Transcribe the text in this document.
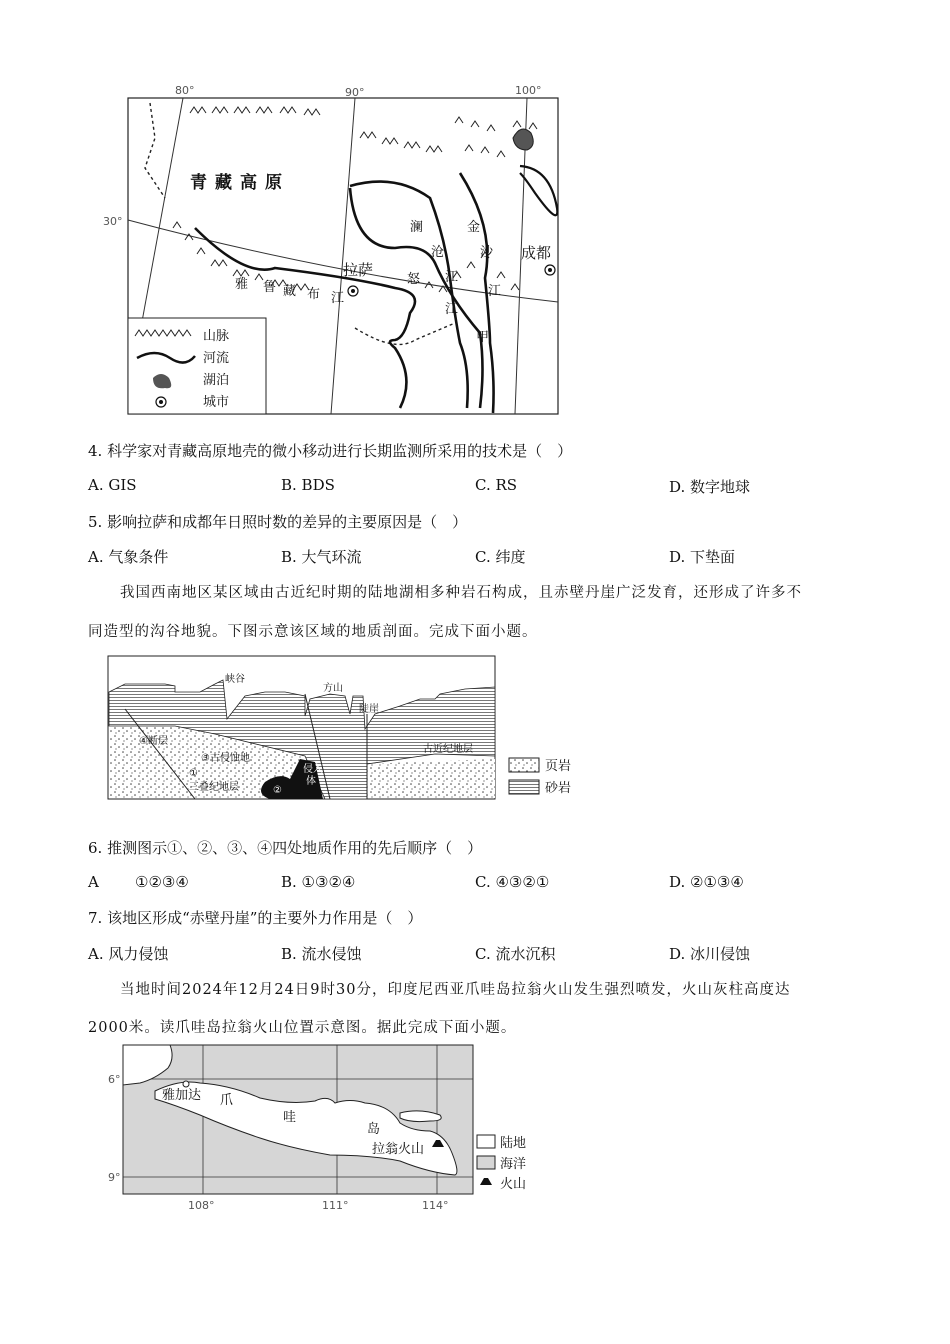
80°	90°	100°
30°
青藏高原
澜
沧
江
金
沙
江
怒
江
雅 鲁 藏 布 江
拉萨
成都
甲
山脉
河流
湖泊
城市
4. 科学家对青藏高原地壳的微小移动进行长期监测所采用的技术是（　）
A. GIS	B. BDS	C. RS	D. 数字地球
5. 影响拉萨和成都年日照时数的差异的主要原因是（　）
A. 气象条件	B. 大气环流	C. 纬度	D. 下垫面
我国西南地区某区域由古近纪时期的陆地湖相多种岩石构成，且赤壁丹崖广泛发育，还形成了许多不
同造型的沟谷地貌。下图示意该区域的地质剖面。完成下面小题。
峡谷
方山
陡崖
④断层
③古侵蚀地
古近纪地层
①
三叠纪地层	②
侵入
体
页岩
砂岩
6. 推测图示①、②、③、④四处地质作用的先后顺序（　）
A ①②③④	B. ①③②④	C. ④③②①	D. ②①③④
7. 该地区形成“赤壁丹崖”的主要外力作用是（　）
A. 风力侵蚀	B. 流水侵蚀	C. 流水沉积	D. 冰川侵蚀
当地时间2024年12月24日9时30分，印度尼西亚爪哇岛拉翁火山发生强烈喷发，火山灰柱高度达
2000米。读爪哇岛拉翁火山位置示意图。据此完成下面小题。
6°
9°
108°	111°	114°
雅加达 爪
哇
岛
拉翁火山	陆地
海洋
火山
